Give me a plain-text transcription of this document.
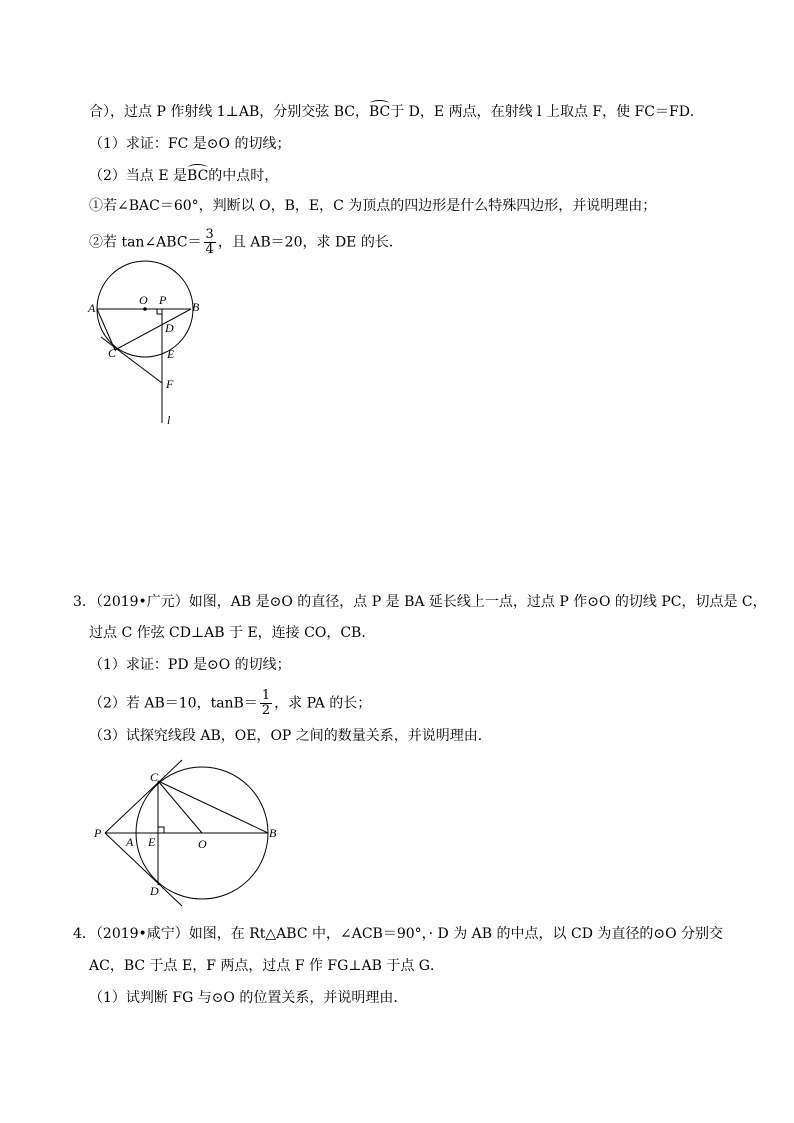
合），过点 P 作射线 1⊥AB，分别交弦 BC，BC于 D，E 两点，在射线 l 上取点 F，使 FC＝FD．
（1）求证：FC 是⊙O 的切线；
（2）当点 E 是BC的中点时，
①若∠BAC＝60°，判断以 O，B，E，C 为顶点的四边形是什么特殊四边形，并说明理由；
②若 tan∠ABC＝ $\frac{3}{4}$ ，且 AB＝20，求 DE 的长．
A
O P B
D
C	E
F
l
3．（2019•广元）如图，AB 是⊙O 的直径，点 P 是 BA 延长线上一点，过点 P 作⊙O 的切线 PC，切点是 C，
过点 C 作弦 CD⊥AB 于 E，连接 CO，CB．
（1）求证：PD 是⊙O 的切线；
（2）若 AB＝10，$\tan B= \frac{1}{2}$ ，求 PA 的长；
（3）试探究线段 AB，OE，OP 之间的数量关系，并说明理由．
C
P
A E	O
B
D
4．（2019•咸宁）如图，在 Rt△ABC 中，∠ACB＝90°，· D 为 AB 的中点，以 CD 为直径的⊙O 分别交
AC，BC 于点 E，F 两点，过点 F 作 FG⊥AB 于点 G．
（1）试判断 FG 与⊙O 的位置关系，并说明理由．
